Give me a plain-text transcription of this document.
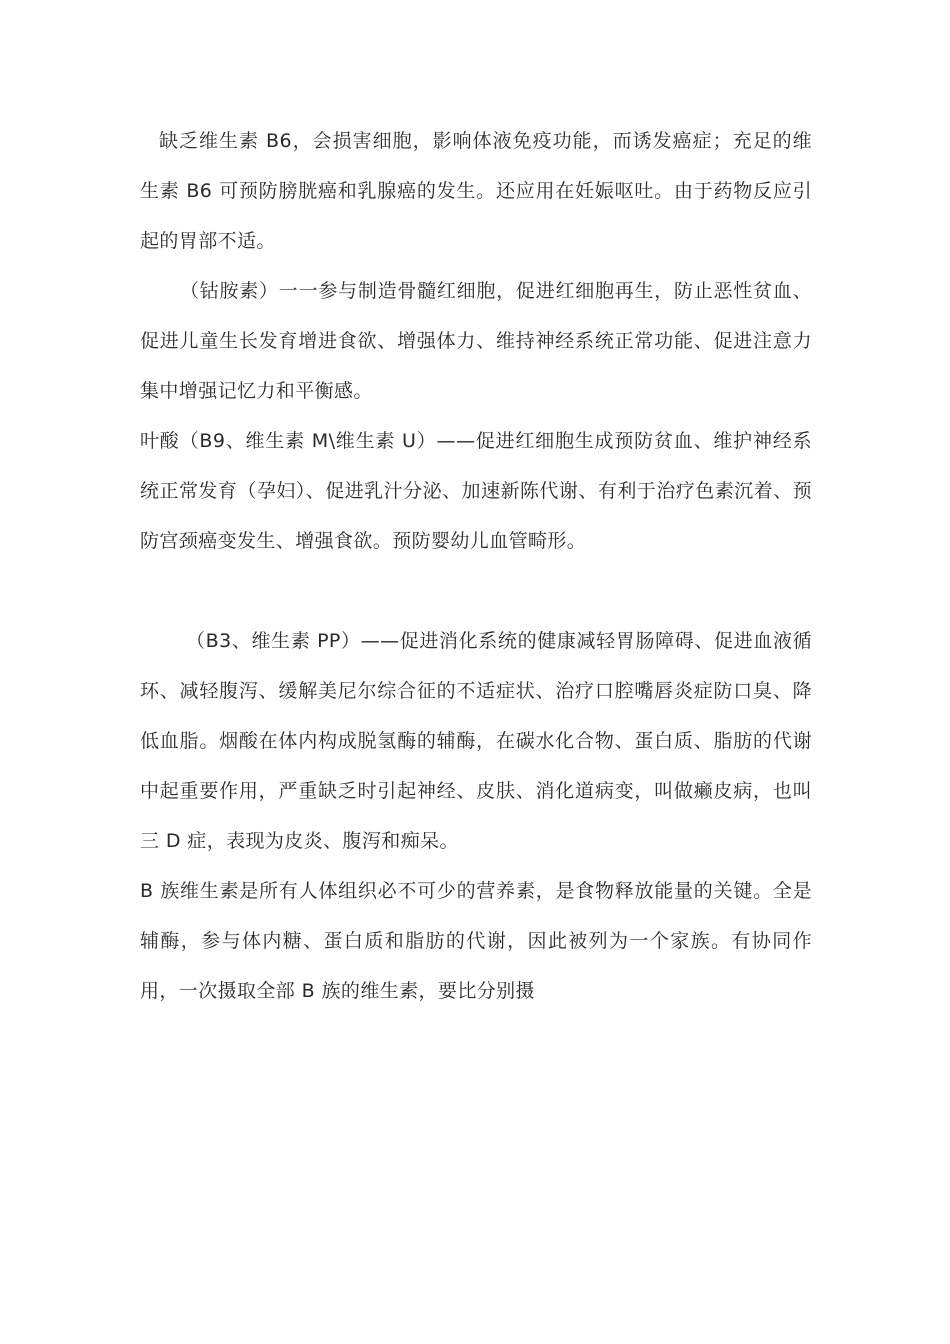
缺乏维生素 B6，会损害细胞，影响体液免疫功能，而诱发癌症；充足的维生素 B6 可预防膀胱癌和乳腺癌的发生。还应用在妊娠呕吐。由于药物反应引起的胃部不适。

（钴胺素）一一参与制造骨髓红细胞，促进红细胞再生，防止恶性贫血、促进儿童生长发育增进食欲、增强体力、维持神经系统正常功能、促进注意力集中增强记忆力和平衡感。

叶酸（B9、维生素 M\维生素 U）——促进红细胞生成预防贫血、维护神经系统正常发育（孕妇）、促进乳汁分泌、加速新陈代谢、有利于治疗色素沉着、预防宫颈癌变发生、增强食欲。预防婴幼儿血管畸形。

（B3、维生素 PP）——促进消化系统的健康减轻胃肠障碍、促进血液循环、减轻腹泻、缓解美尼尔综合征的不适症状、治疗口腔嘴唇炎症防口臭、降低血脂。烟酸在体内构成脱氢酶的辅酶，在碳水化合物、蛋白质、脂肪的代谢中起重要作用，严重缺乏时引起神经、皮肤、消化道病变，叫做癞皮病，也叫三 D 症，表现为皮炎、腹泻和痴呆。

B 族维生素是所有人体组织必不可少的营养素，是食物释放能量的关键。全是辅酶，参与体内糖、蛋白质和脂肪的代谢，因此被列为一个家族。有协同作用，一次摄取全部 B 族的维生素，要比分别摄
